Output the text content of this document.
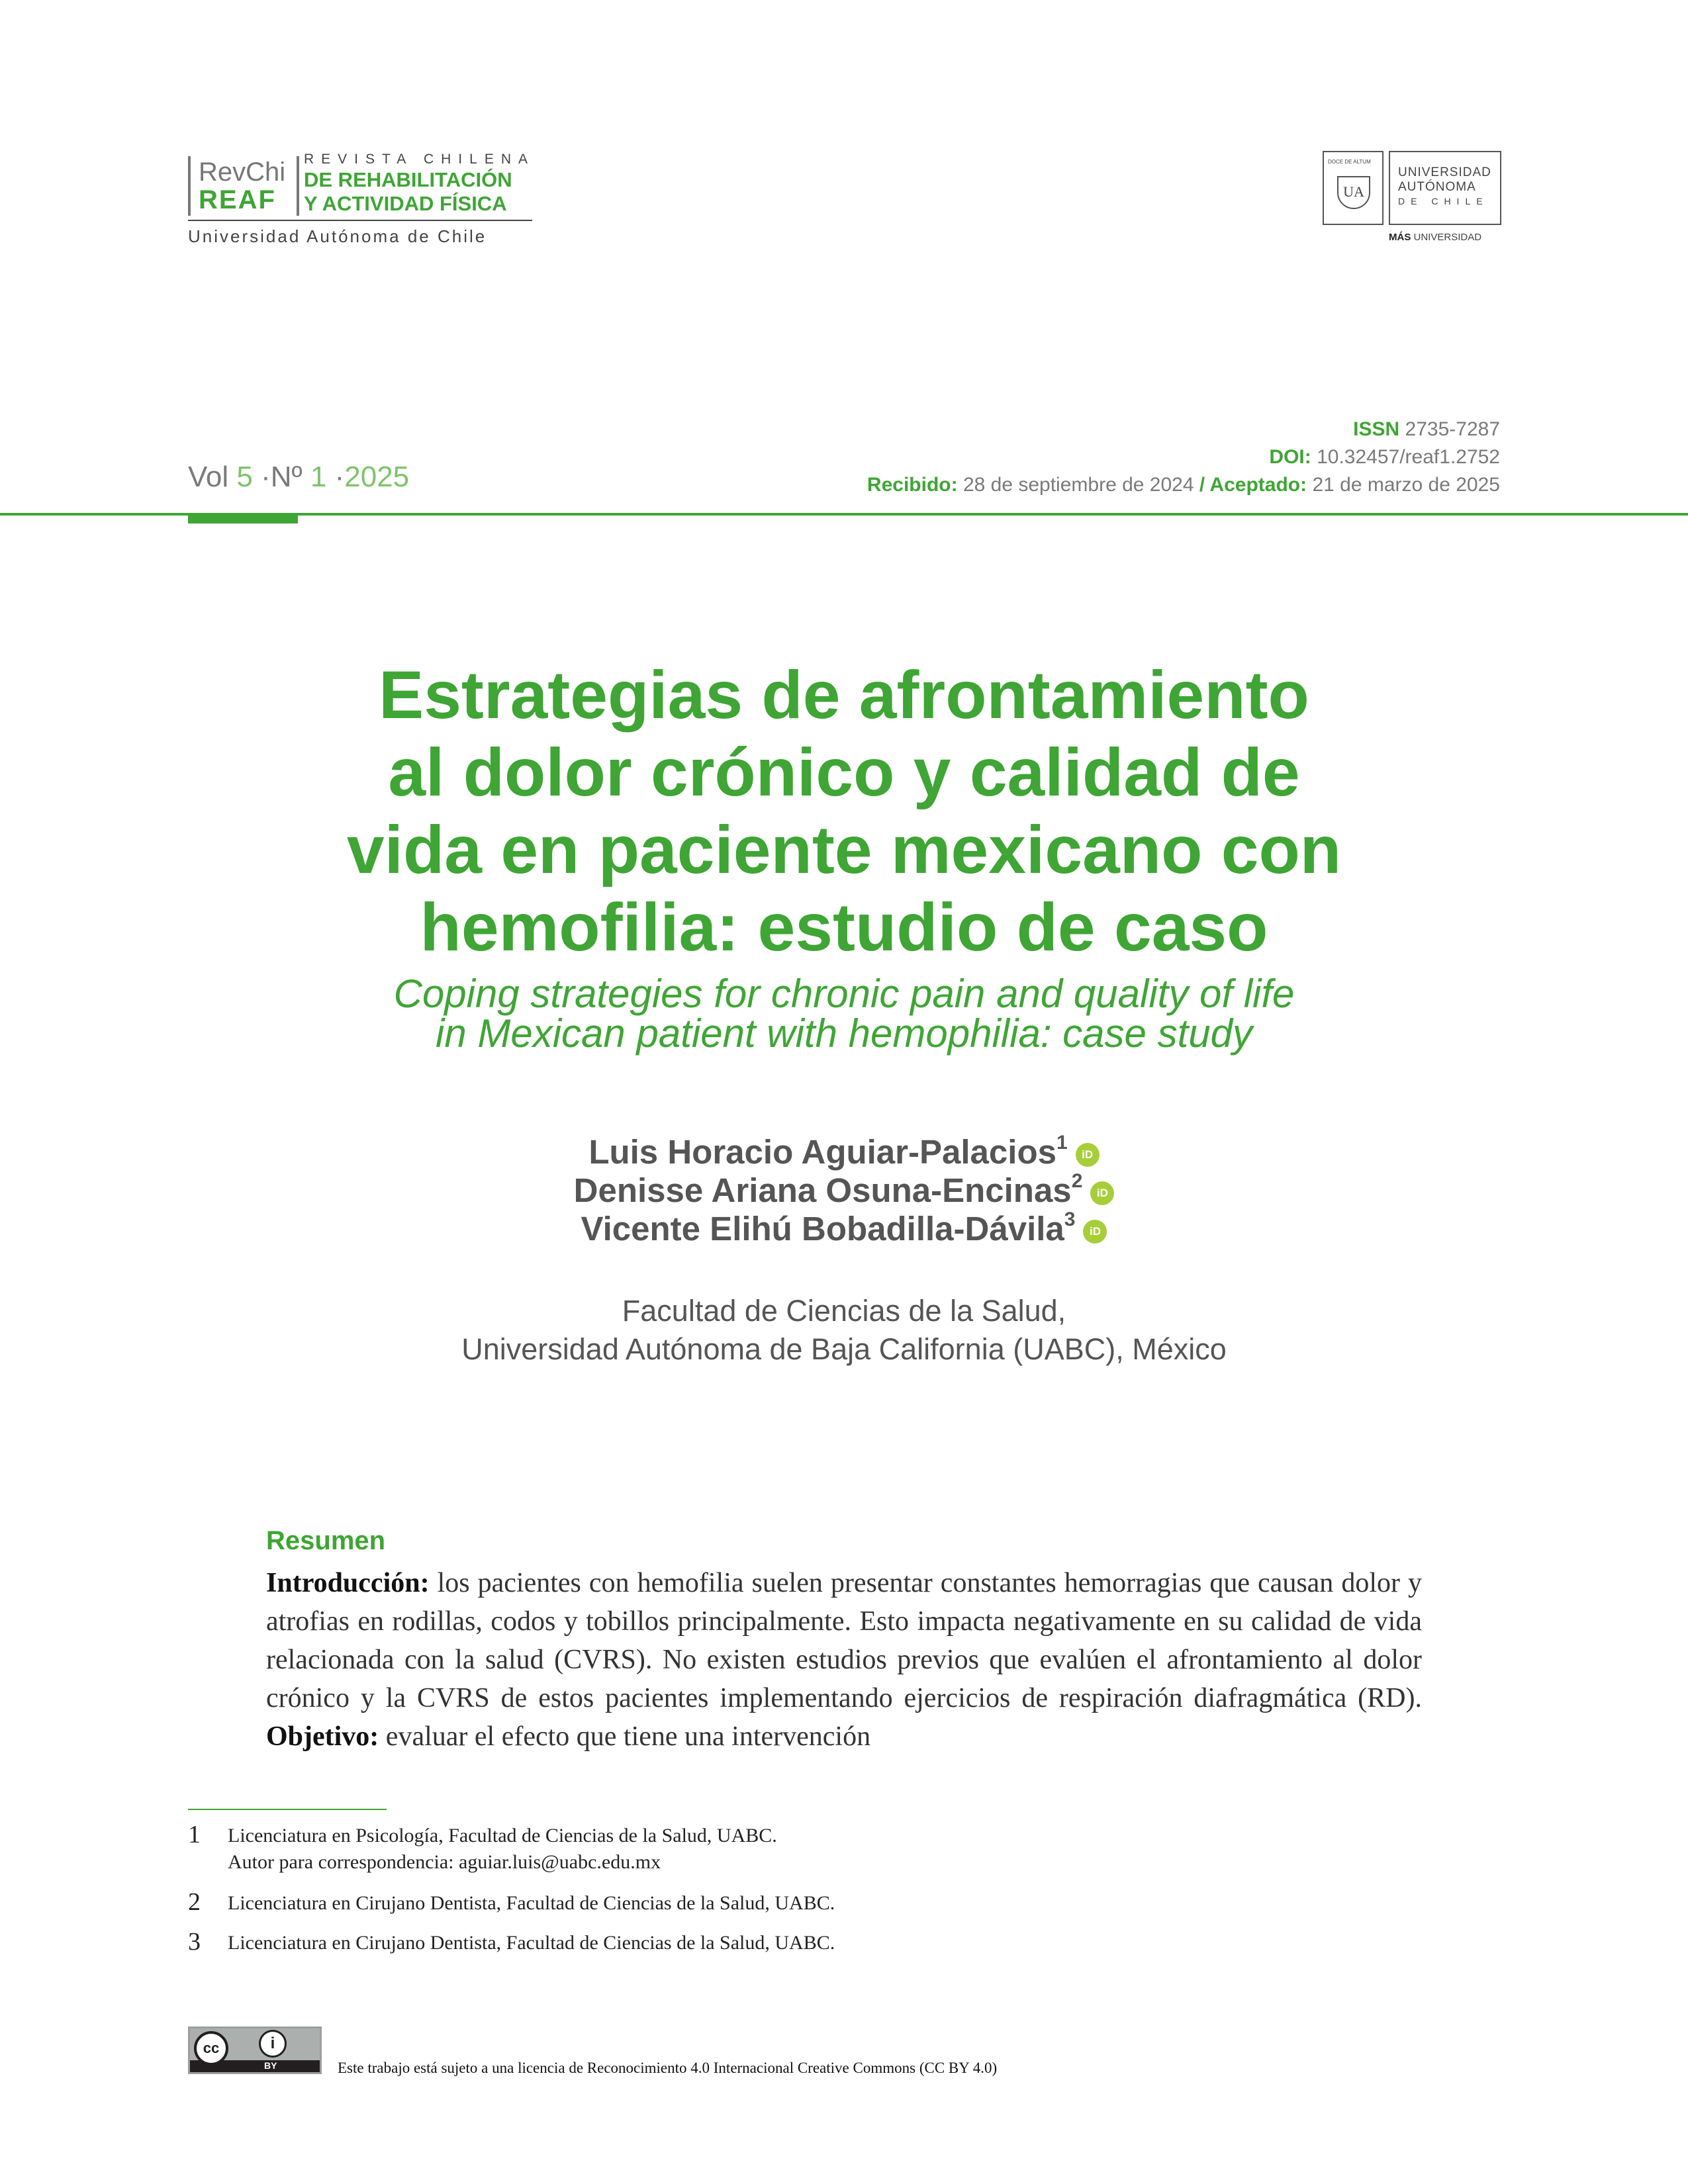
RevChi
REAF
REVISTA CHILENA
DE REHABILITACIÓN
Y ACTIVIDAD FÍSICA
Universidad Autónoma de Chile
DOCE DE ALTUM
UA
UNIVERSIDAD
AUTÓNOMA
DE CHILE
MÁS UNIVERSIDAD
Vol 5 ·Nº 1 ·2025
ISSN 2735-7287
DOI: 10.32457/reaf1.2752
Recibido: 28 de septiembre de 2024 / Aceptado: 21 de marzo de 2025
Estrategias de afrontamiento
al dolor crónico y calidad de
vida en paciente mexicano con
hemofilia: estudio de caso
Coping strategies for chronic pain and quality of life
in Mexican patient with hemophilia: case study
Luis Horacio Aguiar-Palacios$^1$iD
Denisse Ariana Osuna-Encinas$^2$iD
Vicente Elihú Bobadilla-Dávila$^3$iD
Facultad de Ciencias de la Salud,
Universidad Autónoma de Baja California (UABC), México
Resumen
Introducción: los pacientes con hemofilia suelen presentar constantes hemorragias que causan dolor y atrofias en rodillas, codos y tobillos principalmente. Esto impacta negativamente en su calidad de vida relacionada con la salud (CVRS). No existen estudios previos que evalúen el afrontamiento al dolor crónico y la CVRS de estos pacientes implementando ejercicios de respiración diafragmática (RD). Objetivo: evaluar el efecto que tiene una intervención
1 Licenciatura en Psicología, Facultad de Ciencias de la Salud, UABC.
Autor para correspondencia: aguiar.luis@uabc.edu.mx
2 Licenciatura en Cirujano Dentista, Facultad de Ciencias de la Salud, UABC.
3 Licenciatura en Cirujano Dentista, Facultad de Ciencias de la Salud, UABC.
cc	i
BY	Este trabajo está sujeto a una licencia de Reconocimiento 4.0 Internacional Creative Commons (CC BY 4.0)
